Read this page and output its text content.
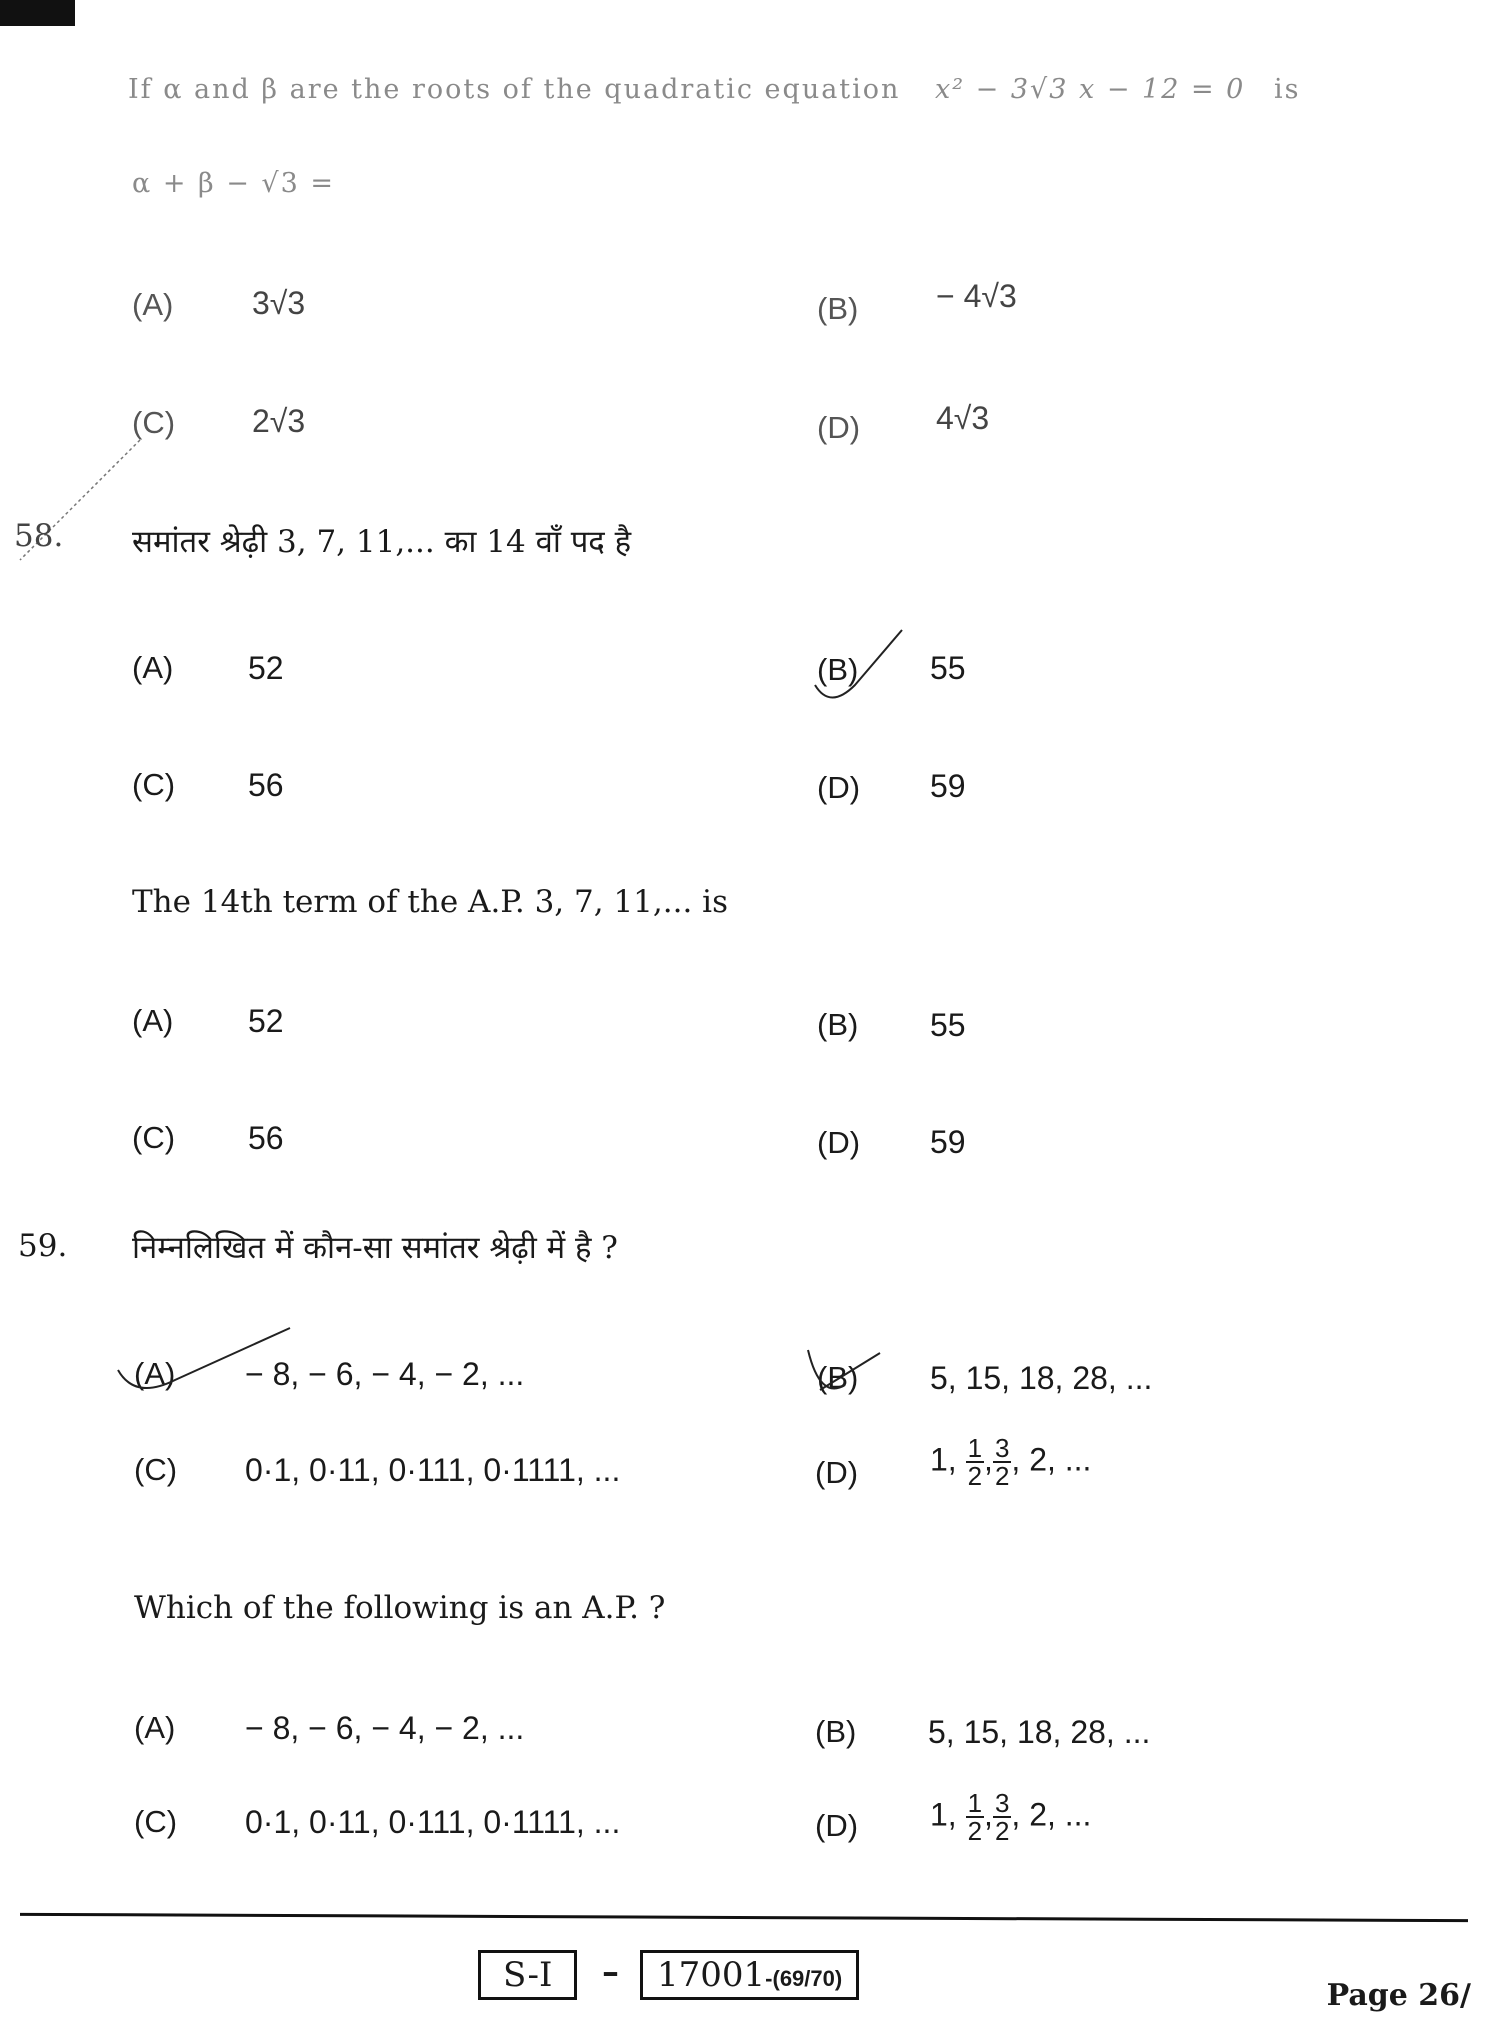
If α and β are the roots of the quadratic equation x² − 3√3 x − 12 = 0 is
α + β − √3 =
(A) 3√3	(B) − 4√3
(C) 2√3	(D) 4√3
58. समांतर श्रेढ़ी 3, 7, 11,... का 14 वाँ पद है
(A) 52	(B) 55
(C) 56	(D) 59
The 14th term of the A.P. 3, 7, 11,... is
(A) 52	(B) 55
(C) 56	(D) 59
59. निम्नलिखित में कौन-सा समांतर श्रेढ़ी में है ?
(A) − 8, − 6, − 4, − 2, ...	(B) 5, 15, 18, 28, ...
(C) 0·1, 0·11, 0·111, 0·1111, ...	(D) 1, $\frac{1}{2}$ , $\frac{3}{2}$ , 2, ...
Which of the following is an A.P. ?
(A) − 8, − 6, − 4, − 2, ...	(B) 5, 15, 18, 28, ...
(C) 0·1, 0·11, 0·111, 0·1111, ...	(D) 1, $\frac{1}{2}$ , $\frac{3}{2}$ , 2, ...
S-I	–	17001-(69/70)	Page 26/
